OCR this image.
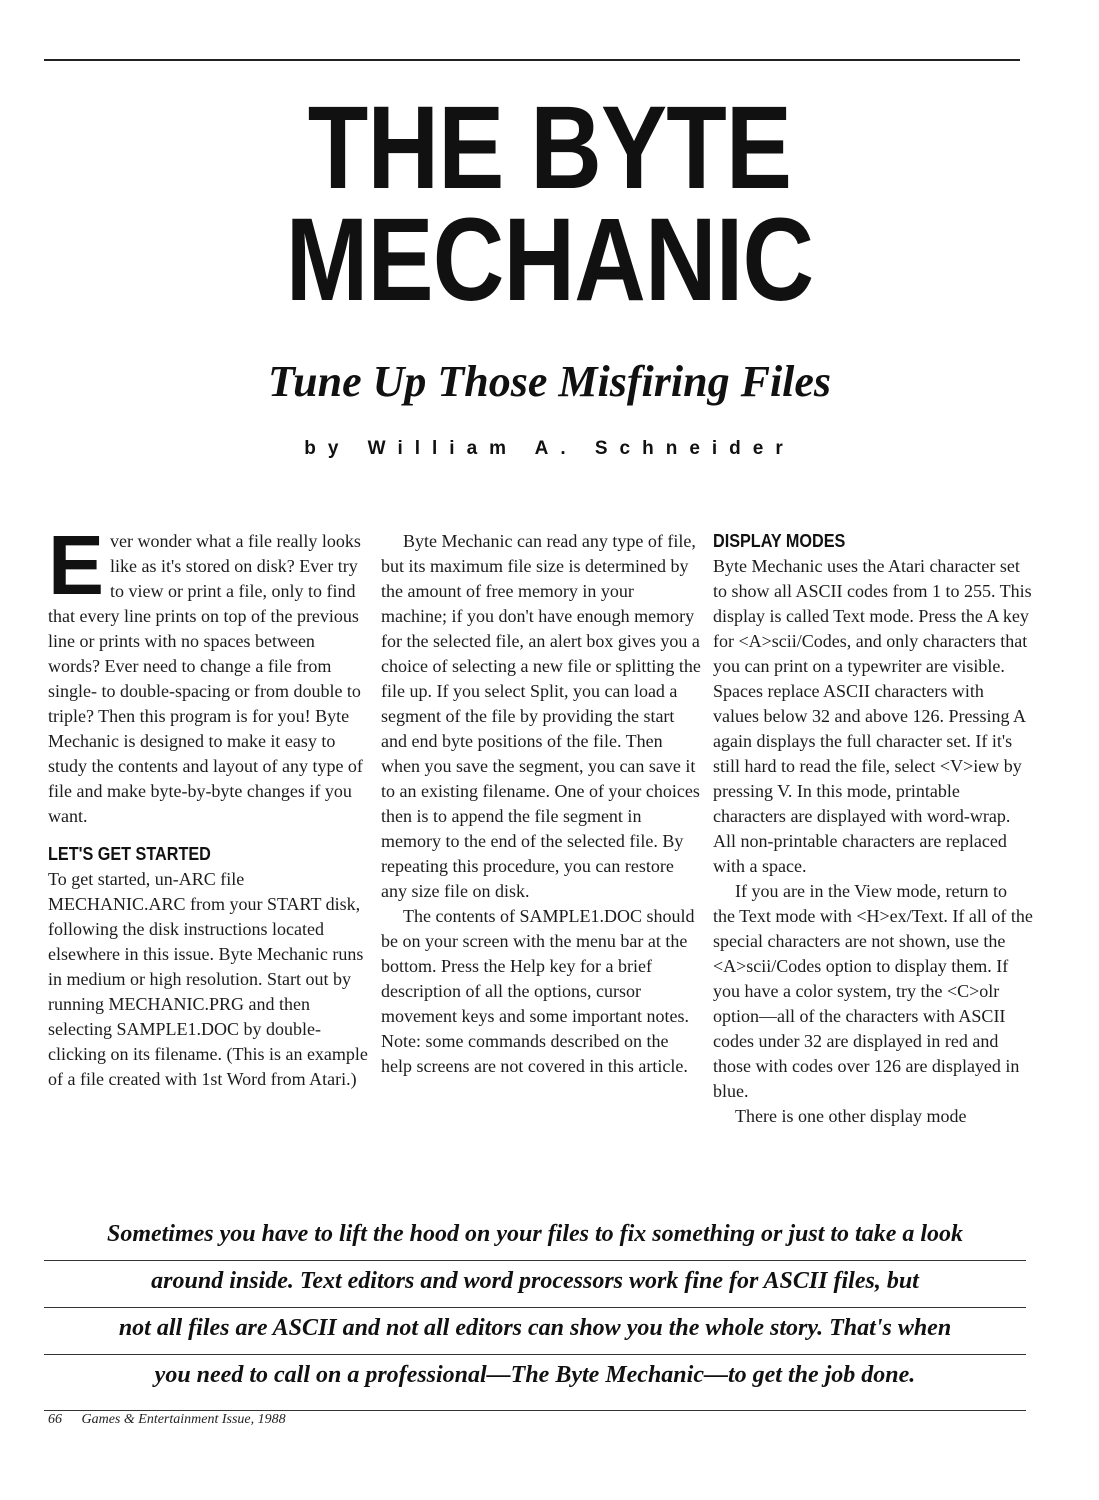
THE BYTE
MECHANIC
Tune Up Those Misfiring Files
by William A. Schneider

Ever wonder what a file really looks like as it's stored on disk? Ever try to view or print a file, only to find that every line prints on top of the previous line or prints with no spaces between words? Ever need to change a file from single- to double-spacing or from double to triple? Then this program is for you! Byte Mechanic is designed to make it easy to study the contents and layout of any type of file and make byte-by-byte changes if you want.

LET'S GET STARTED

To get started, un-ARC file MECHANIC.ARC from your START disk, following the disk instructions located elsewhere in this issue. Byte Mechanic runs in medium or high resolution. Start out by running MECHANIC.PRG and then selecting SAMPLE1.DOC by double-clicking on its filename. (This is an example of a file created with 1st Word from Atari.)

Byte Mechanic can read any type of file, but its maximum file size is determined by the amount of free memory in your machine; if you don't have enough memory for the selected file, an alert box gives you a choice of selecting a new file or splitting the file up. If you select Split, you can load a segment of the file by providing the start and end byte positions of the file. Then when you save the segment, you can save it to an existing filename. One of your choices then is to append the file segment in memory to the end of the selected file. By repeating this procedure, you can restore any size file on disk.

The contents of SAMPLE1.DOC should be on your screen with the menu bar at the bottom. Press the Help key for a brief description of all the options, cursor movement keys and some important notes. Note: some commands described on the help screens are not covered in this article.

DISPLAY MODES

Byte Mechanic uses the Atari character set to show all ASCII codes from 1 to 255. This display is called Text mode. Press the A key for <A>scii/Codes, and only characters that you can print on a typewriter are visible. Spaces replace ASCII characters with values below 32 and above 126. Pressing A again displays the full character set. If it's still hard to read the file, select <V>iew by pressing V. In this mode, printable characters are displayed with word-wrap. All non-printable characters are replaced with a space.

If you are in the View mode, return to the Text mode with <H>ex/Text. If all of the special characters are not shown, use the <A>scii/Codes option to display them. If you have a color system, try the <C>olr option—all of the characters with ASCII codes under 32 are displayed in red and those with codes over 126 are displayed in blue.

There is one other display mode

Sometimes you have to lift the hood on your files to fix something or just to take a look
around inside. Text editors and word processors work fine for ASCII files, but
not all files are ASCII and not all editors can show you the whole story. That's when
you need to call on a professional—The Byte Mechanic—to get the job done.
66 Games & Entertainment Issue, 1988
